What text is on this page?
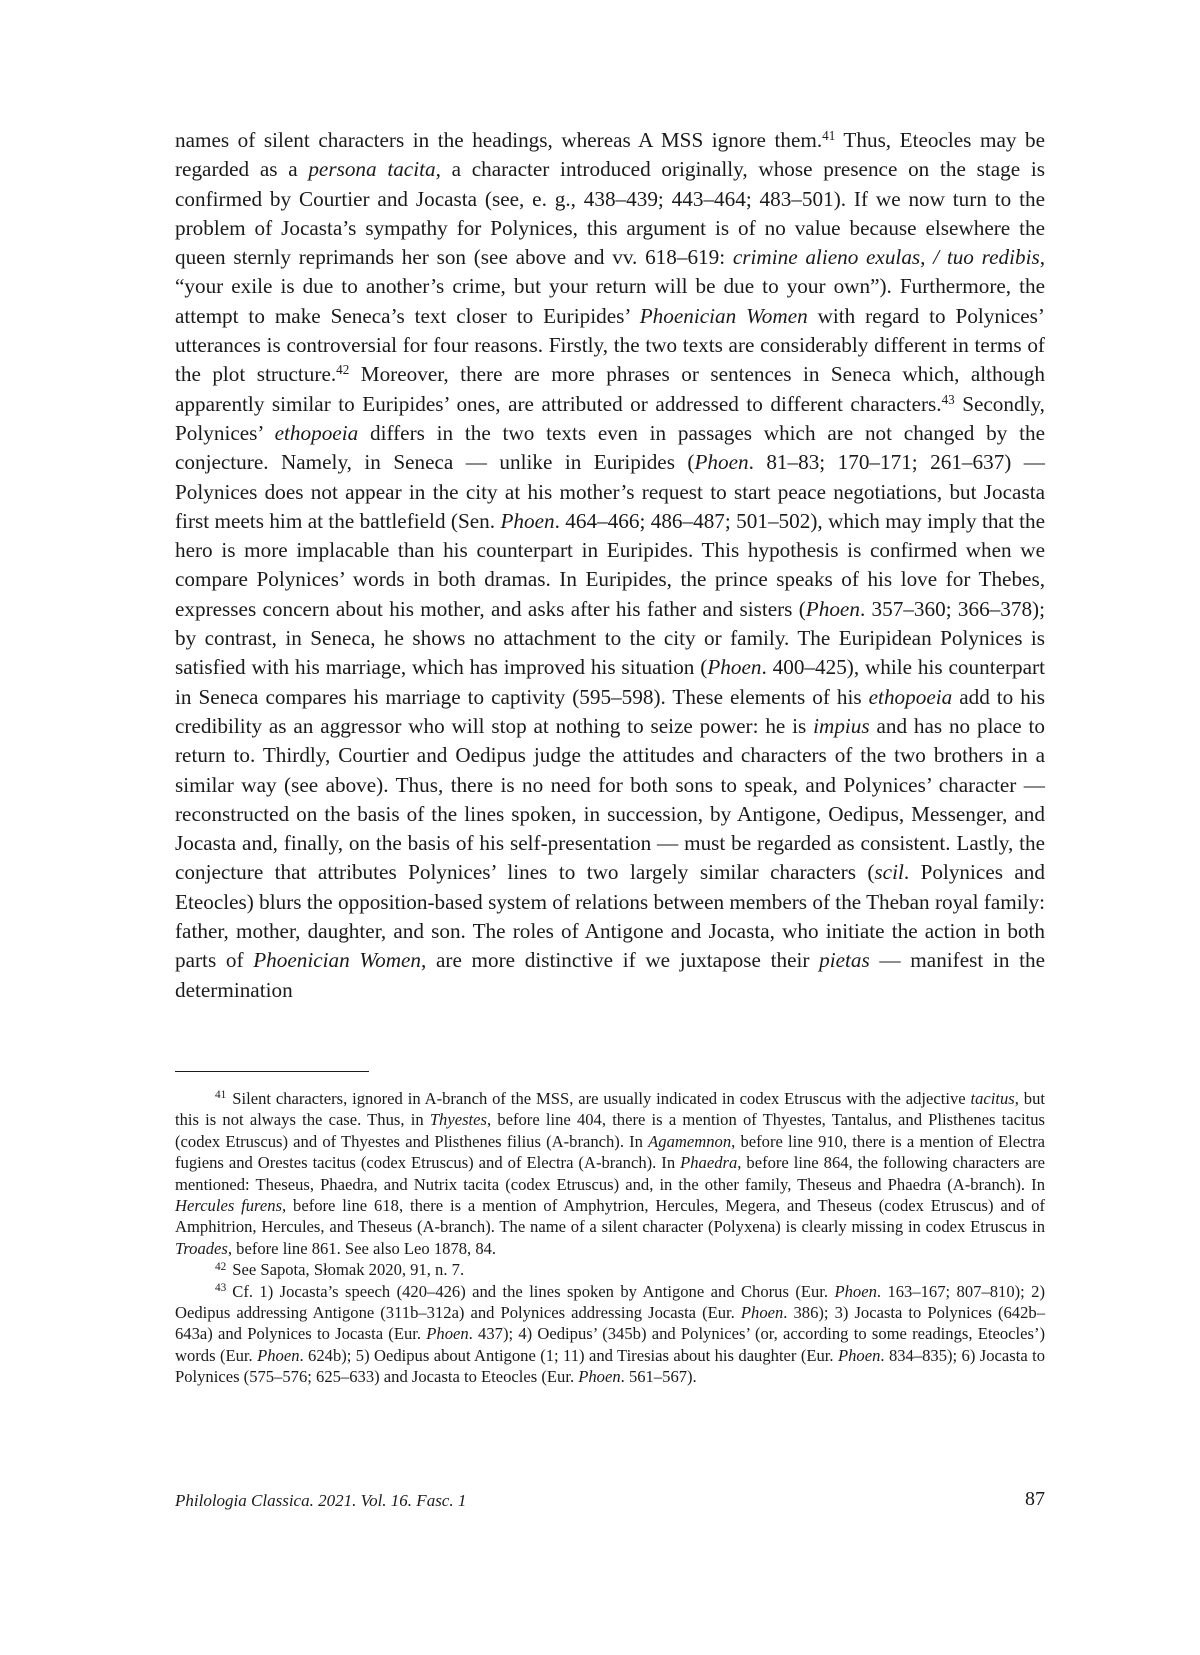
names of silent characters in the headings, whereas A MSS ignore them.$^{41}$ Thus, Eteocles may be regarded as a persona tacita, a character introduced originally, whose presence on the stage is confirmed by Courtier and Jocasta (see, e. g., 438–439; 443–464; 483–501). If we now turn to the problem of Jocasta’s sympathy for Polynices, this argument is of no value because elsewhere the queen sternly reprimands her son (see above and vv. 618–619: crimine alieno exulas, / tuo redibis, “your exile is due to another’s crime, but your return will be due to your own”). Furthermore, the attempt to make Seneca’s text closer to Euripides’ Phoenician Women with regard to Polynices’ utterances is controversial for four reasons. Firstly, the two texts are considerably different in terms of the plot structure.$^{42}$ Moreover, there are more phrases or sentences in Seneca which, although apparently similar to Euripides’ ones, are attributed or addressed to different characters.$^{43}$ Secondly, Polynices’ ethopoeia differs in the two texts even in passages which are not changed by the conjecture. Namely, in Seneca — unlike in Euripides (Phoen. 81–83; 170–171; 261–637) — Polynices does not appear in the city at his mother’s request to start peace negotiations, but Jocasta first meets him at the battlefield (Sen. Phoen. 464–466; 486–487; 501–502), which may imply that the hero is more implacable than his counterpart in Euripides. This hypothesis is confirmed when we compare Polynices’ words in both dramas. In Euripides, the prince speaks of his love for Thebes, expresses concern about his mother, and asks after his father and sisters (Phoen. 357–360; 366–378); by contrast, in Seneca, he shows no attachment to the city or family. The Euripidean Polynices is satisfied with his marriage, which has improved his situation (Phoen. 400–425), while his counterpart in Seneca compares his marriage to captivity (595–598). These elements of his ethopoeia add to his credibility as an aggressor who will stop at nothing to seize power: he is impius and has no place to return to. Thirdly, Courtier and Oedipus judge the attitudes and characters of the two brothers in a similar way (see above). Thus, there is no need for both sons to speak, and Polynices’ character — reconstructed on the basis of the lines spoken, in succession, by Antigone, Oedipus, Messenger, and Jocasta and, finally, on the basis of his self-presentation — must be regarded as consistent. Lastly, the conjecture that attributes Polynices’ lines to two largely similar characters (scil. Polynices and Eteocles) blurs the opposition-based system of relations between members of the Theban royal family: father, mother, daughter, and son. The roles of Antigone and Jocasta, who initiate the action in both parts of Phoenician Women, are more distinctive if we juxtapose their pietas — manifest in the determination

$^{41}$ Silent characters, ignored in A-branch of the MSS, are usually indicated in codex Etruscus with the adjective tacitus, but this is not always the case. Thus, in Thyestes, before line 404, there is a mention of Thyestes, Tantalus, and Plisthenes tacitus (codex Etruscus) and of Thyestes and Plisthenes filius (A-branch). In Agamemnon, before line 910, there is a mention of Electra fugiens and Orestes tacitus (codex Etruscus) and of Electra (A-branch). In Phaedra, before line 864, the following characters are mentioned: Theseus, Phaedra, and Nutrix tacita (codex Etruscus) and, in the other family, Theseus and Phaedra (A-branch). In Hercules furens, before line 618, there is a mention of Amphytrion, Hercules, Megera, and Theseus (codex Etruscus) and of Amphitrion, Hercules, and Theseus (A-branch). The name of a silent character (Polyxena) is clearly missing in codex Etruscus in Troades, before line 861. See also Leo 1878, 84.

$^{42}$ See Sapota, Słomak 2020, 91, n. 7.

$^{43}$ Cf. 1) Jocasta’s speech (420–426) and the lines spoken by Antigone and Chorus (Eur. Phoen. 163–167; 807–810); 2) Oedipus addressing Antigone (311b–312a) and Polynices addressing Jocasta (Eur. Phoen. 386); 3) Jocasta to Polynices (642b–643a) and Polynices to Jocasta (Eur. Phoen. 437); 4) Oedipus’ (345b) and Polynices’ (or, according to some readings, Eteocles’) words (Eur. Phoen. 624b); 5) Oedipus about Antigone (1; 11) and Tiresias about his daughter (Eur. Phoen. 834–835); 6) Jocasta to Polynices (575–576; 625–633) and Jocasta to Eteocles (Eur. Phoen. 561–567).

Philologia Classica. 2021. Vol. 16. Fasc. 1	87
